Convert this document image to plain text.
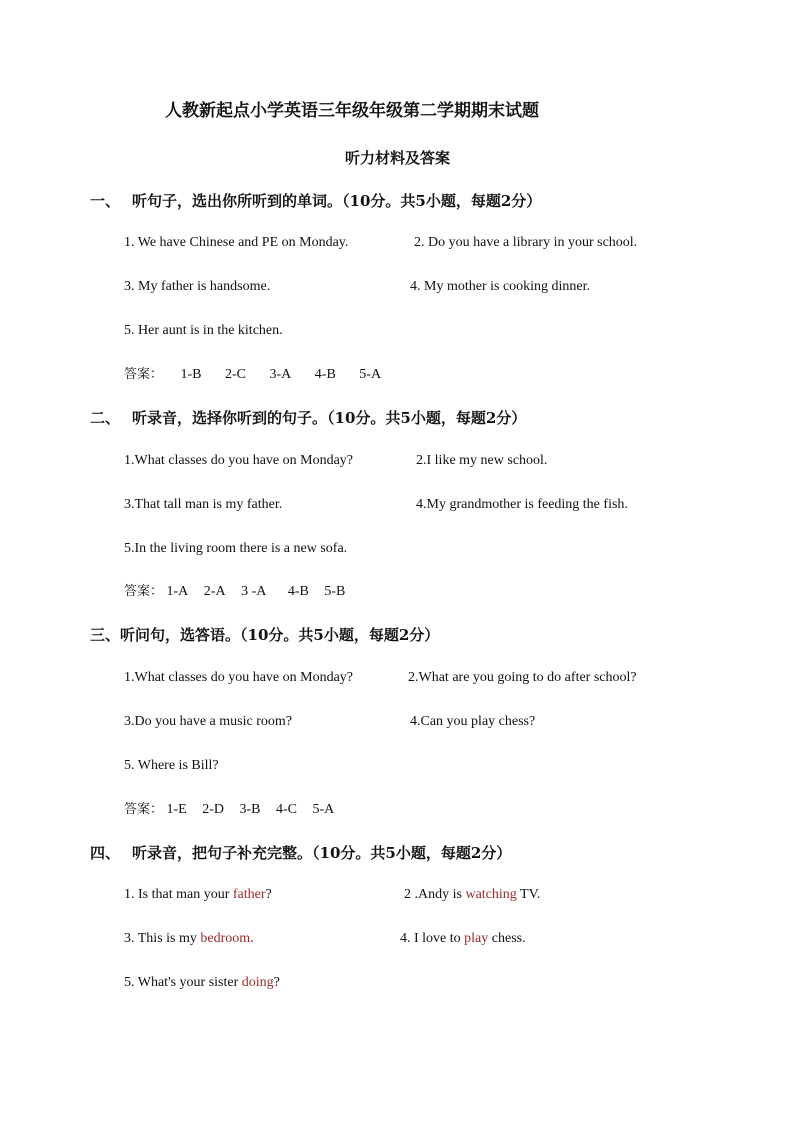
人教新起点小学英语三年级年级第二学期期末试题
听力材料及答案
一、 听句子，选出你所听到的单词。（10分。共5小题，每题2分）
1. We have Chinese and PE on Monday.	2. Do you have a library in your school.
3. My father is handsome.	4. My mother is cooking dinner.
5. Her aunt is in the kitchen.
答案： 1-B 2-C 3-A 4-B 5-A
二、 听录音，选择你听到的句子。（10分。共5小题，每题2分）
1.What classes do you have on Monday?	2.I like my new school.
3.That tall man is my father.	4.My grandmother is feeding the fish.
5.In the living room there is a new sofa.
答案： 1-A 2-A 3 -A 4-B 5-B
三、听问句，选答语。（10分。共5小题，每题2分）
1.What classes do you have on Monday?	2.What are you going to do after school?
3.Do you have a music room?	4.Can you play chess?
5. Where is Bill?
答案： 1-E 2-D 3-B 4-C 5-A
四、 听录音，把句子补充完整。（10分。共5小题，每题2分）
1. Is that man your father?	2 .Andy is watching TV.
3. This is my bedroom.	4. I love to play chess.
5. What's your sister doing?
